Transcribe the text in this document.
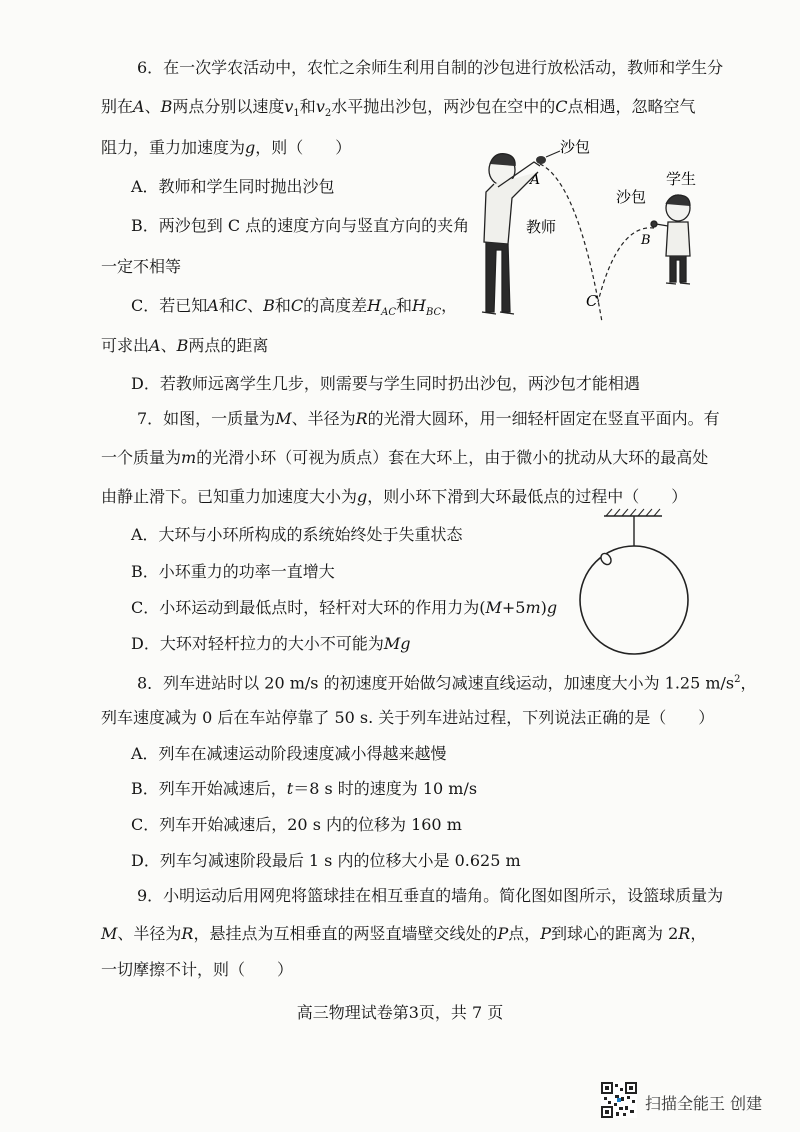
6．在一次学农活动中，农忙之余师生利用自制的沙包进行放松活动，教师和学生分
别在A、B两点分别以速度$v_1$和$v_2$水平抛出沙包，两沙包在空中的C点相遇，忽略空气
阻力，重力加速度为g，则（　　）
A．教师和学生同时抛出沙包
B．两沙包到 C 点的速度方向与竖直方向的夹角
一定不相等
C．若已知A和C、B和C的高度差$H_{AC}$和$H_{BC}$，
可求出A、B两点的距离
D．若教师远离学生几步，则需要与学生同时扔出沙包，两沙包才能相遇
沙包
A
教师
C
B
沙包
学生
7．如图，一质量为M、半径为R的光滑大圆环，用一细轻杆固定在竖直平面内。有
一个质量为m的光滑小环（可视为质点）套在大环上，由于微小的扰动从大环的最高处
由静止滑下。已知重力加速度大小为g，则小环下滑到大环最低点的过程中（　　）
A．大环与小环所构成的系统始终处于失重状态
B．小环重力的功率一直增大
C．小环运动到最低点时，轻杆对大环的作用力为(M+5m)g
D．大环对轻杆拉力的大小不可能为Mg
8．列车进站时以 20 m/s 的初速度开始做匀减速直线运动，加速度大小为 1.25 $m/s^2$，
列车速度减为 0 后在车站停靠了 50 s. 关于列车进站过程，下列说法正确的是（　　）
A．列车在减速运动阶段速度减小得越来越慢
B．列车开始减速后，t＝8 s 时的速度为 10 m/s
C．列车开始减速后，20 s 内的位移为 160 m
D．列车匀减速阶段最后 1 s 内的位移大小是 0.625 m
9．小明运动后用网兜将篮球挂在相互垂直的墙角。简化图如图所示，设篮球质量为
M、半径为R，悬挂点为互相垂直的两竖直墙壁交线处的P点，P到球心的距离为 2R，
一切摩擦不计，则（　　）
高三物理试卷第3页，共 7 页
扫描全能王 创建
